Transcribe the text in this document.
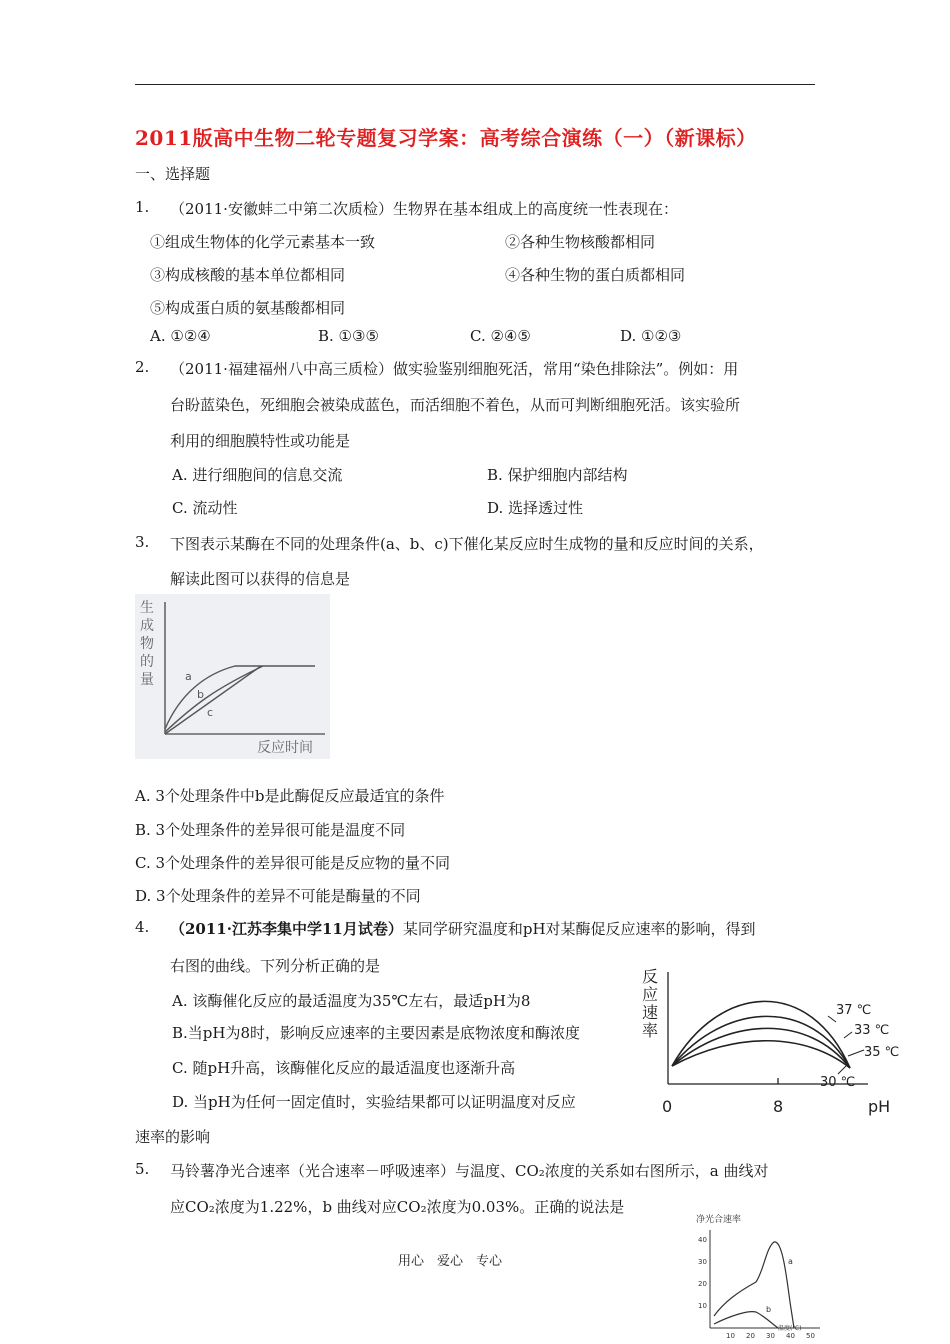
2011版高中生物二轮专题复习学案：高考综合演练（一）（新课标）
一、选择题
1. （2011·安徽蚌二中第二次质检）生物界在基本组成上的高度统一性表现在：
①组成生物体的化学元素基本一致	②各种生物核酸都相同
③构成核酸的基本单位都相同	④各种生物的蛋白质都相同
⑤构成蛋白质的氨基酸都相同
A. ①②④	B. ①③⑤	C. ②④⑤	D. ①②③
2. （2011·福建福州八中高三质检）做实验鉴别细胞死活，常用“染色排除法”。例如：用
台盼蓝染色，死细胞会被染成蓝色，而活细胞不着色，从而可判断细胞死活。该实验所
利用的细胞膜特性或功能是
A. 进行细胞间的信息交流	B. 保护细胞内部结构
C. 流动性	D. 选择透过性
3. 下图表示某酶在不同的处理条件(a、b、c)下催化某反应时生成物的量和反应时间的关系，
解读此图可以获得的信息是
生
成
物
的
量	a
b
c
反应时间
A. 3个处理条件中b是此酶促反应最适宜的条件
B. 3个处理条件的差异很可能是温度不同
C. 3个处理条件的差异很可能是反应物的量不同
D. 3个处理条件的差异不可能是酶量的不同
4. （2011·江苏李集中学11月试卷）某同学研究温度和pH对某酶促反应速率的影响，得到
右图的曲线。下列分析正确的是
A. 该酶催化反应的最适温度为35℃左右，最适pH为8
B.当pH为8时，影响反应速率的主要因素是底物浓度和酶浓度
C. 随pH升高，该酶催化反应的最适温度也逐渐升高
D. 当pH为任何一固定值时，实验结果都可以证明温度对反应
速率的影响
反
应
速
率
37 ℃
33 ℃
35 ℃
30 ℃
0	8	pH
5. 马铃薯净光合速率（光合速率－呼吸速率）与温度、CO₂浓度的关系如右图所示，a 曲线对
应CO₂浓度为1.22%，b 曲线对应CO₂浓度为0.03%。正确的说法是
净光合速率
40
30
20
10
a
b
10 20 30 40 50
温度(℃)
用心　爱心　专心
